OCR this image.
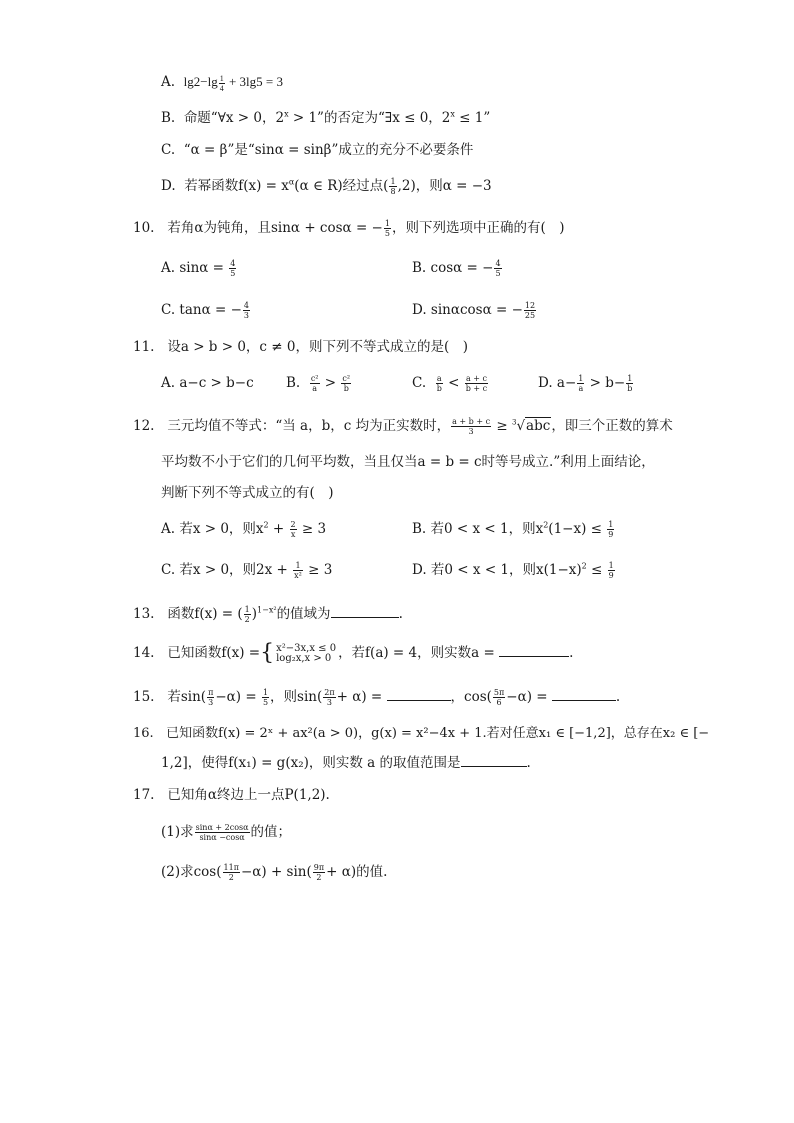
A. $\lg 2-\lg \frac{1}{4} + 3\lg 5 = 3$
B. 命题“∀x > 0，$2^x > 1$”的否定为“∃x ≤ 0，$2^x \le 1$”
C. “α = β”是“sinα = sinβ”成立的充分不必要条件
D. 若幂函数$f(x) = x^\alpha(\alpha$ ∈ R)经过点( $\frac{1}{8} ,2$)，则α = −3
10. 若角α为钝角，且sinα + cosα = − $\frac{1}{5}$ ，则下列选项中正确的有(　)
A. $\sin\alpha = \frac{4}{5}$	B. cosα = − $\frac{4}{5}$
C. tanα = − $\frac{4}{3}$	D. sinαcosα = − $\frac{12}{25}$
11. 设a > b > 0，c ≠ 0，则下列不等式成立的是(　)
A. a−c > b−c B. $\frac{\text{c²}}{a} > \frac{\text{c²}}{b}$	C. $\frac{a}{b} < \frac{a + c}{b + c}$	D. $a- \frac{1}{a} > b- \frac{1}{b}$
12. 三元均值不等式：“当 a，b，c 均为正实数时， $\frac{a + b + c}{3} \ge ^3√abc$，即三个正数的算术
平均数不小于它们的几何平均数，当且仅当a = b = c时等号成立.”利用上面结论，
判断下列不等式成立的有(　)
A. 若x > 0，则$x^2 + \frac{2}{x} \ge 3$	B. 若0 < x < 1，则$x^2(1-x) \le \frac{1}{9}$
C. 若x > 0，则$2x + \frac{1}{\text{x²}} \ge 3$	D. 若0 < x < 1，则$x(1-x)^2 \le \frac{1}{9}$
13. 函数f(x) = ( $\frac{1}{2} )^{1-x^2}$的值域为	.
14. 已知函数f(x) ={ x²−3x,x ≤ 0
log₂x,x > 0 ，若f(a) = 4，则实数a =	.
15. 若$\sin( \frac{\pi}{3} -\alpha) = \frac{1}{5}$ ，则$\sin( \frac{2\pi}{3} + \alpha)$ =	，$\cos( \frac{5\pi}{6} -\alpha)$ =	.
16. 已知函数f(x) = 2ˣ + ax²(a > 0)，g(x) = x²−4x + 1.若对任意x₁ ∈ [−1,2]，总存在x₂ ∈ [−
1,2]，使得f(x₁) = g(x₂)，则实数 a 的取值范围是	.
17. 已知角α终边上一点P(1,2).
(1)求 $\frac{\sin\alpha + 2\cos\alpha}{\sin\alpha -\cos\alpha}$ 的值；
(2)求$\cos( \frac{11\pi}{2} -\alpha) + \sin( \frac{9\pi}{2} + \alpha)$的值.
